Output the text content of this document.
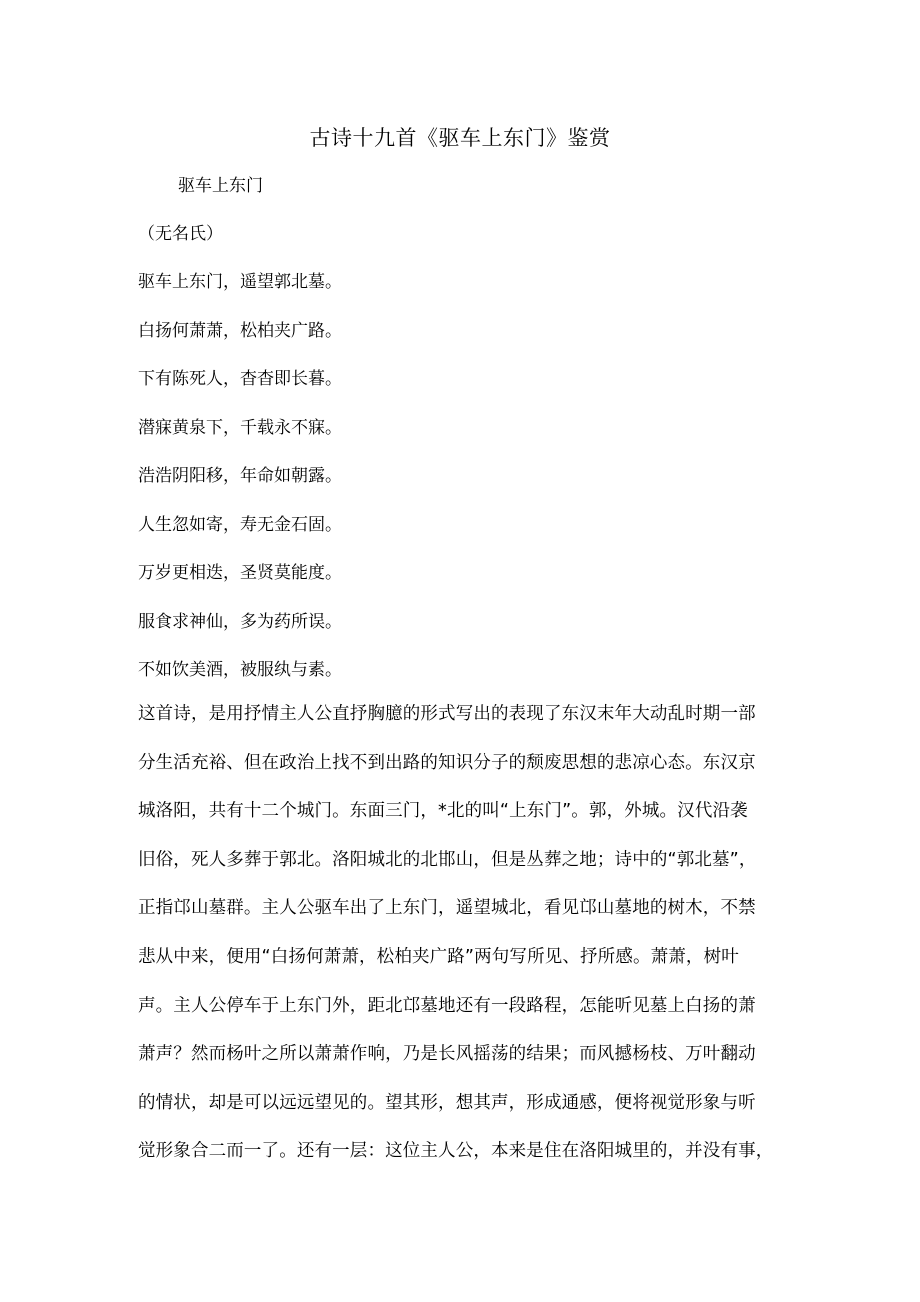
古诗十九首《驱车上东门》鉴赏
驱车上东门
（无名氏）
驱车上东门，遥望郭北墓。
白扬何萧萧，松柏夹广路。
下有陈死人，杳杳即长暮。
潜寐黄泉下，千载永不寐。
浩浩阴阳移，年命如朝露。
人生忽如寄，寿无金石固。
万岁更相迭，圣贤莫能度。
服食求神仙，多为药所误。
不如饮美酒，被服纨与素。
这首诗，是用抒情主人公直抒胸臆的形式写出的表现了东汉末年大动乱时期一部
分生活充裕、但在政治上找不到出路的知识分子的颓废思想的悲凉心态。东汉京
城洛阳，共有十二个城门。东面三门，*北的叫“上东门”。郭，外城。汉代沿袭
旧俗，死人多葬于郭北。洛阳城北的北邯山，但是丛葬之地；诗中的“郭北墓”，
正指邙山墓群。主人公驱车出了上东门，遥望城北，看见邙山墓地的树木，不禁
悲从中来，便用“白扬何萧萧，松柏夹广路”两句写所见、抒所感。萧萧，树叶
声。主人公停车于上东门外，距北邙墓地还有一段路程，怎能听见墓上白扬的萧
萧声？然而杨叶之所以萧萧作响，乃是长风摇荡的结果；而风撼杨枝、万叶翻动
的情状，却是可以远远望见的。望其形，想其声，形成通感，便将视觉形象与听
觉形象合二而一了。还有一层：这位主人公，本来是住在洛阳城里的，并没有事，
